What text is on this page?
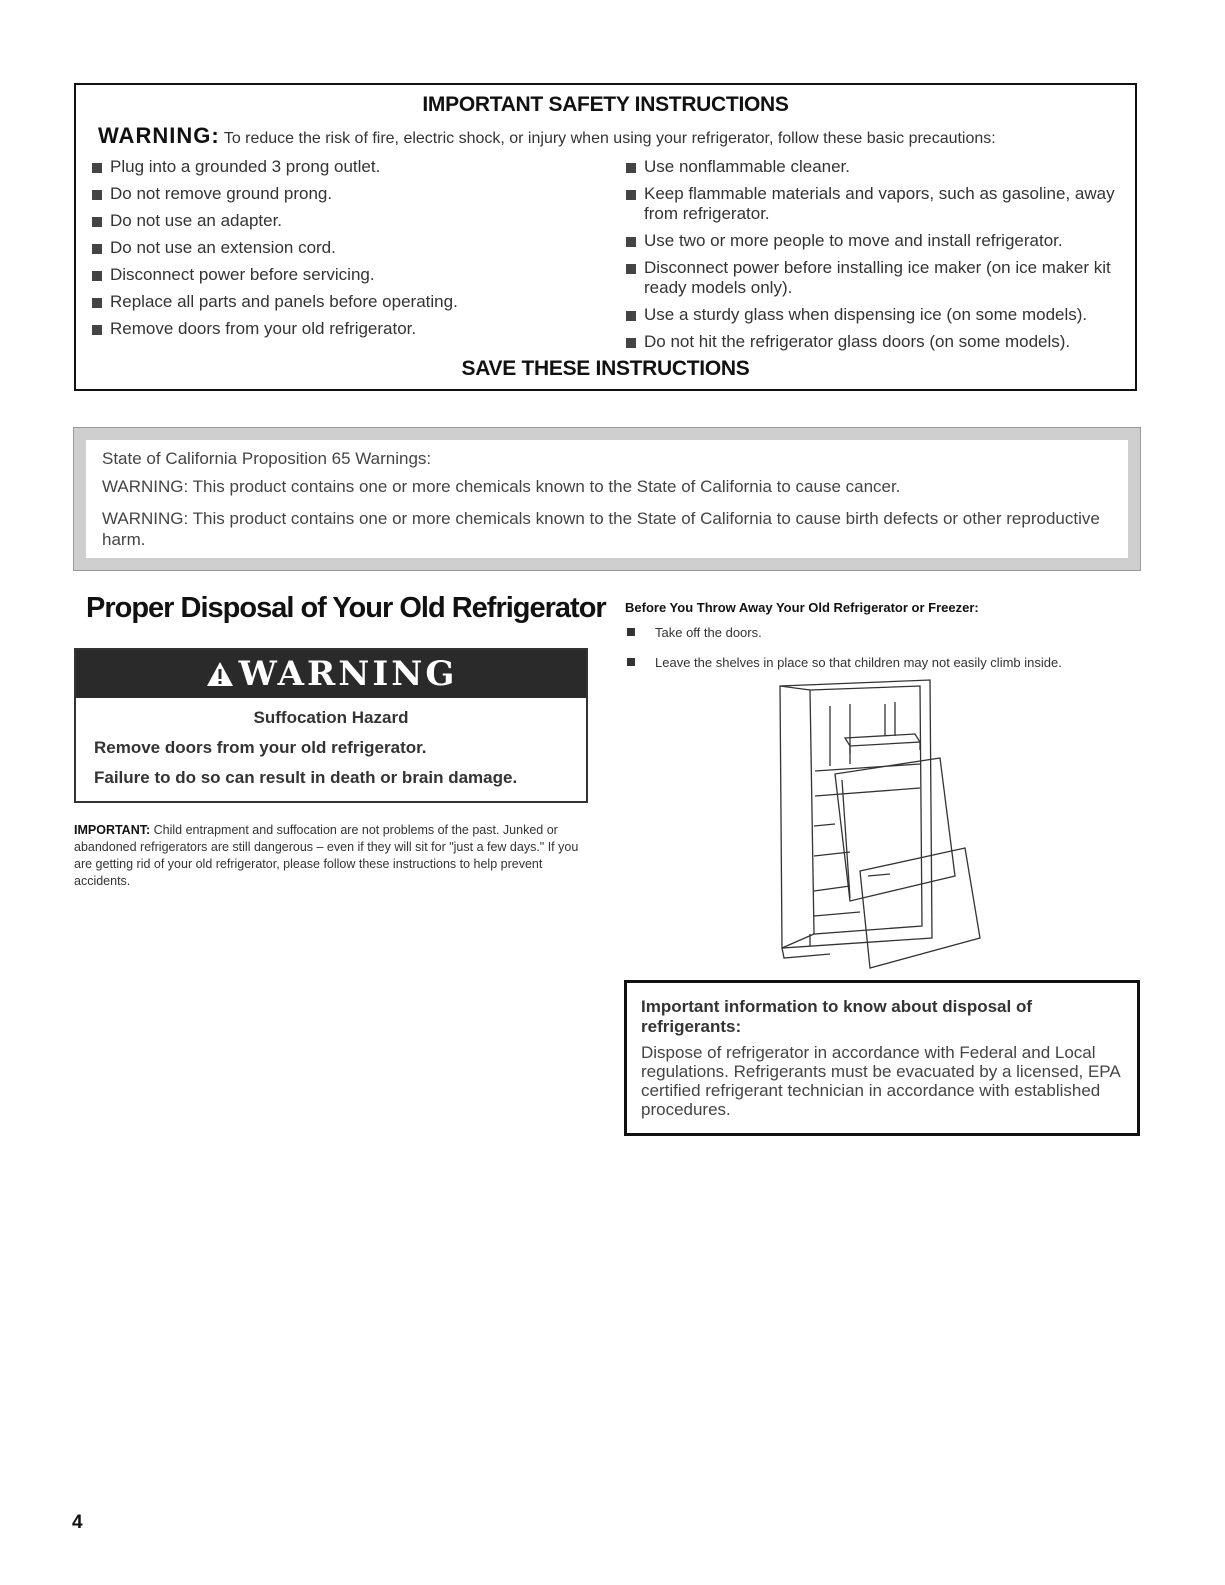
IMPORTANT SAFETY INSTRUCTIONS
WARNING: To reduce the risk of fire, electric shock, or injury when using your refrigerator, follow these basic precautions:
Plug into a grounded 3 prong outlet.
Do not remove ground prong.
Do not use an adapter.
Do not use an extension cord.
Disconnect power before servicing.
Replace all parts and panels before operating.
Remove doors from your old refrigerator.
Use nonflammable cleaner.
Keep flammable materials and vapors, such as gasoline, away from refrigerator.
Use two or more people to move and install refrigerator.
Disconnect power before installing ice maker (on ice maker kit ready models only).
Use a sturdy glass when dispensing ice (on some models).
Do not hit the refrigerator glass doors (on some models).
SAVE THESE INSTRUCTIONS

State of California Proposition 65 Warnings:

WARNING: This product contains one or more chemicals known to the State of California to cause cancer.

WARNING: This product contains one or more chemicals known to the State of California to cause birth defects or other reproductive harm.

Proper Disposal of Your Old Refrigerator
WARNING
Suffocation Hazard
Remove doors from your old refrigerator.
Failure to do so can result in death or brain damage.
IMPORTANT: Child entrapment and suffocation are not problems of the past. Junked or abandoned refrigerators are still dangerous – even if they will sit for "just a few days." If you are getting rid of your old refrigerator, please follow these instructions to help prevent accidents.
Before You Throw Away Your Old Refrigerator or Freezer:
Take off the doors.
Leave the shelves in place so that children may not easily climb inside.
Important information to know about disposal of refrigerants:
Dispose of refrigerator in accordance with Federal and Local regulations. Refrigerants must be evacuated by a licensed, EPA certified refrigerant technician in accordance with established procedures.
4
